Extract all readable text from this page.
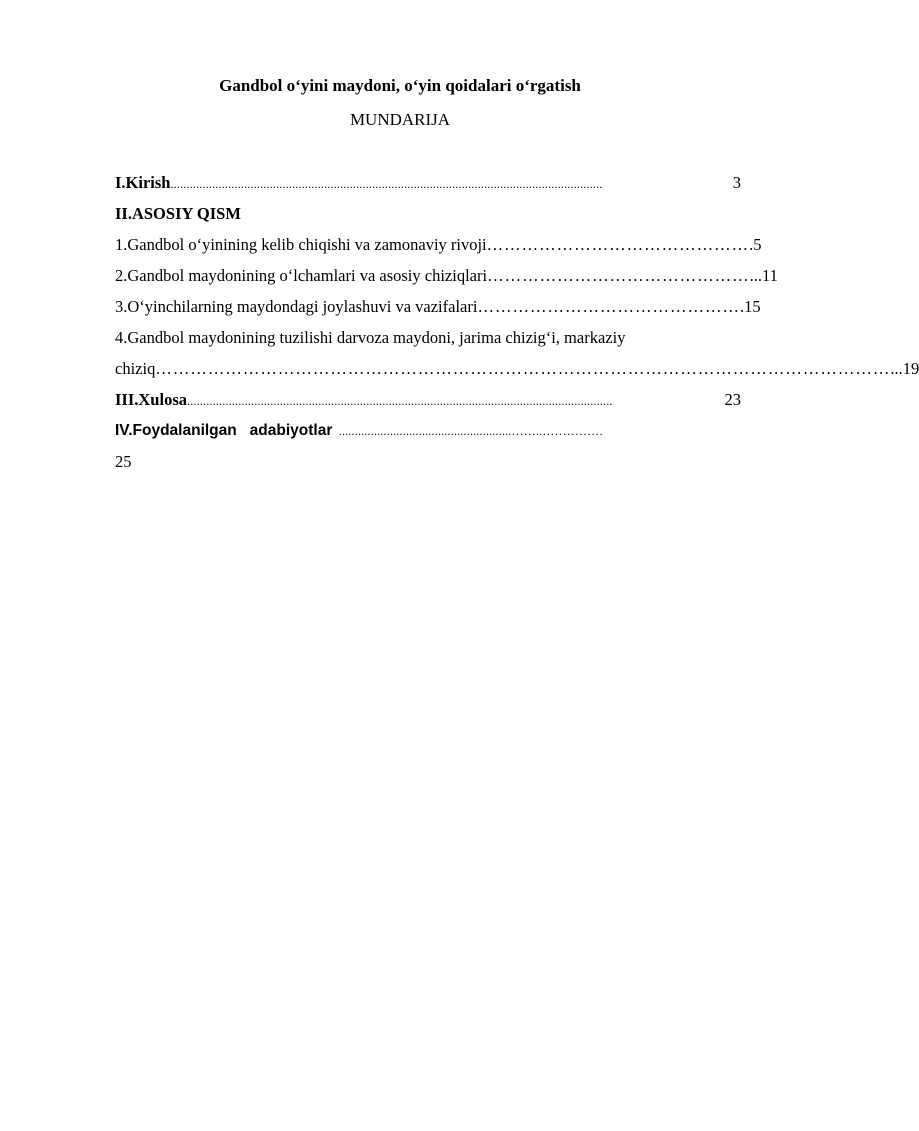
Gandbol o‘yini maydoni, o‘yin qoidalari o‘rgatish
MUNDARIJA
I.Kirish .......................................................................................................................................	3
II.ASOSIY QISM
1.Gandbol o‘yinining kelib chiqishi va zamonaviy rivoji ……………………………………… .5
2.Gandbol maydonining o‘lchamlari va asosiy chiziqlari ……………………………………… ...11
3.O‘yinchilarning maydondagi joylashuvi va vazifalari ……………………………………… .15
4.Gandbol maydonining tuzilishi darvoza maydoni, jarima chizig‘i, markaziy
chiziq ……………………………………………………………………………………………………………… ...19
III.Xulosa .....................................................................................................................................	23
IV.Foydalanilgan   adabiyotlar ......................................................……..……………
25
